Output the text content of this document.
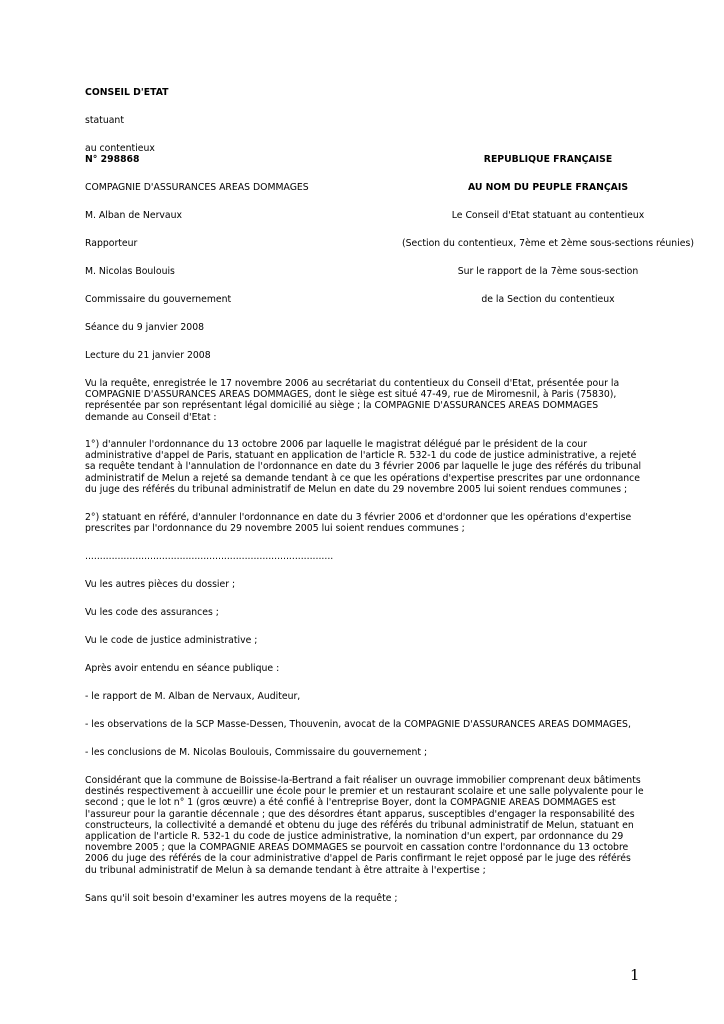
CONSEIL D'ETAT
statuant
au contentieux
N° 298868
COMPAGNIE D'ASSURANCES AREAS DOMMAGES
M. Alban de Nervaux
Rapporteur
M. Nicolas Boulouis
Commissaire du gouvernement
Séance du 9 janvier 2008
Lecture du 21 janvier 2008
REPUBLIQUE FRANÇAISE
AU NOM DU PEUPLE FRANÇAIS
Le Conseil d'Etat statuant au contentieux
(Section du contentieux, 7ème et 2ème sous-sections réunies)
Sur le rapport de la 7ème sous-section
de la Section du contentieux
Vu la requête, enregistrée le 17 novembre 2006 au secrétariat du contentieux du Conseil d'Etat, présentée pour la
COMPAGNIE D'ASSURANCES AREAS DOMMAGES, dont le siège est situé 47-49, rue de Miromesnil, à Paris (75830),
représentée par son représentant légal domicilié au siège ; la COMPAGNIE D'ASSURANCES AREAS DOMMAGES
demande au Conseil d'Etat :
1°) d'annuler l'ordonnance du 13 octobre 2006 par laquelle le magistrat délégué par le président de la cour
administrative d'appel de Paris, statuant en application de l'article R. 532-1 du code de justice administrative, a rejeté
sa requête tendant à l'annulation de l'ordonnance en date du 3 février 2006 par laquelle le juge des référés du tribunal
administratif de Melun a rejeté sa demande tendant à ce que les opérations d'expertise prescrites par une ordonnance
du juge des référés du tribunal administratif de Melun en date du 29 novembre 2005 lui soient rendues communes ;
2°) statuant en référé, d'annuler l'ordonnance en date du 3 février 2006 et d'ordonner que les opérations d'expertise
prescrites par l'ordonnance du 29 novembre 2005 lui soient rendues communes ;
....................................................................................
Vu les autres pièces du dossier ;
Vu les code des assurances ;
Vu le code de justice administrative ;
Après avoir entendu en séance publique :
- le rapport de M. Alban de Nervaux, Auditeur,
- les observations de la SCP Masse-Dessen, Thouvenin, avocat de la COMPAGNIE D'ASSURANCES AREAS DOMMAGES,
- les conclusions de M. Nicolas Boulouis, Commissaire du gouvernement ;
Considérant que la commune de Boissise-la-Bertrand a fait réaliser un ouvrage immobilier comprenant deux bâtiments
destinés respectivement à accueillir une école pour le premier et un restaurant scolaire et une salle polyvalente pour le
second ; que le lot n° 1 (gros œuvre) a été confié à l'entreprise Boyer, dont la COMPAGNIE AREAS DOMMAGES est
l'assureur pour la garantie décennale ; que des désordres étant apparus, susceptibles d'engager la responsabilité des
constructeurs, la collectivité a demandé et obtenu du juge des référés du tribunal administratif de Melun, statuant en
application de l'article R. 532-1 du code de justice administrative, la nomination d'un expert, par ordonnance du 29
novembre 2005 ; que la COMPAGNIE AREAS DOMMAGES se pourvoit en cassation contre l'ordonnance du 13 octobre
2006 du juge des référés de la cour administrative d'appel de Paris confirmant le rejet opposé par le juge des référés
du tribunal administratif de Melun à sa demande tendant à être attraite à l'expertise ;
Sans qu'il soit besoin d'examiner les autres moyens de la requête ;
1
